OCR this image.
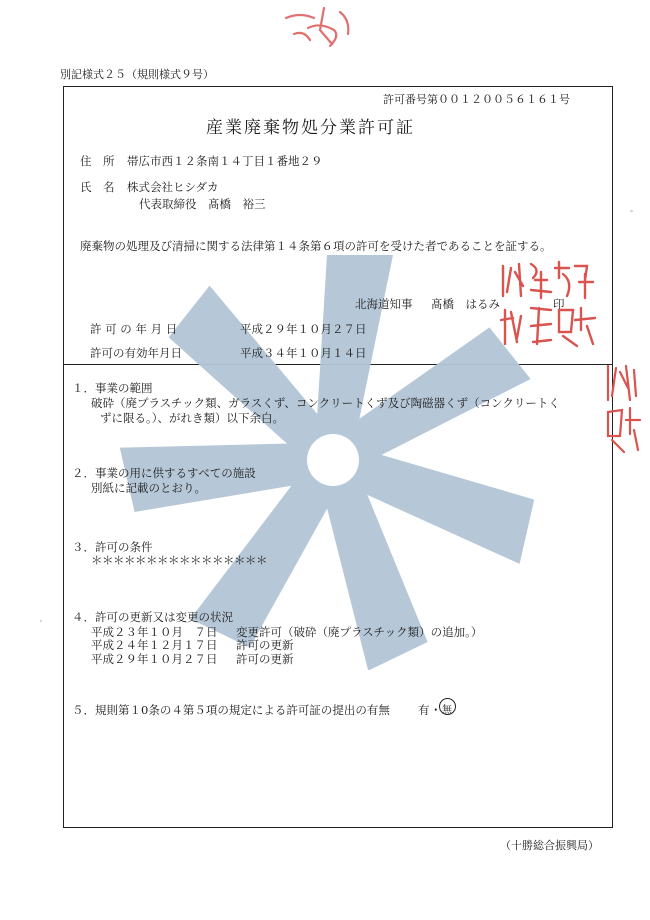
別記様式２５（規則様式９号）
許可番号第００１２００５６１６１号
産業廃棄物処分業許可証
住　所 帯広市西１２条南１４丁目１番地２９
氏　名 株式会社ヒシダカ
代表取締役　髙橋　裕三
廃棄物の処理及び清掃に関する法律第１４条第６項の許可を受けた者であることを証する。
北海道知事 髙橋　はるみ	印
許 可 の 年 月 日	平成２９年１０月２７日
許可の有効年月日	平成３４年１０月１４日
１．事業の範囲
破砕（廃プラスチック類、ガラスくず、コンクリートくず及び陶磁器くず（コンクリートく
ずに限る。）、がれき類）以下余白。
２．事業の用に供するすべての施設
別紙に記載のとおり。
３．許可の条件
＊＊＊＊＊＊＊＊＊＊＊＊＊＊＊＊
４．許可の更新又は変更の状況
平成２３年１０月　７日 変更許可（破砕（廃プラスチック類）の追加。）
平成２４年１２月１７日 許可の更新
平成２９年１０月２７日 許可の更新
５．規則第１0条の４第５項の規定による許可証の提出の有無 有 ・ 無
（十勝総合振興局）
